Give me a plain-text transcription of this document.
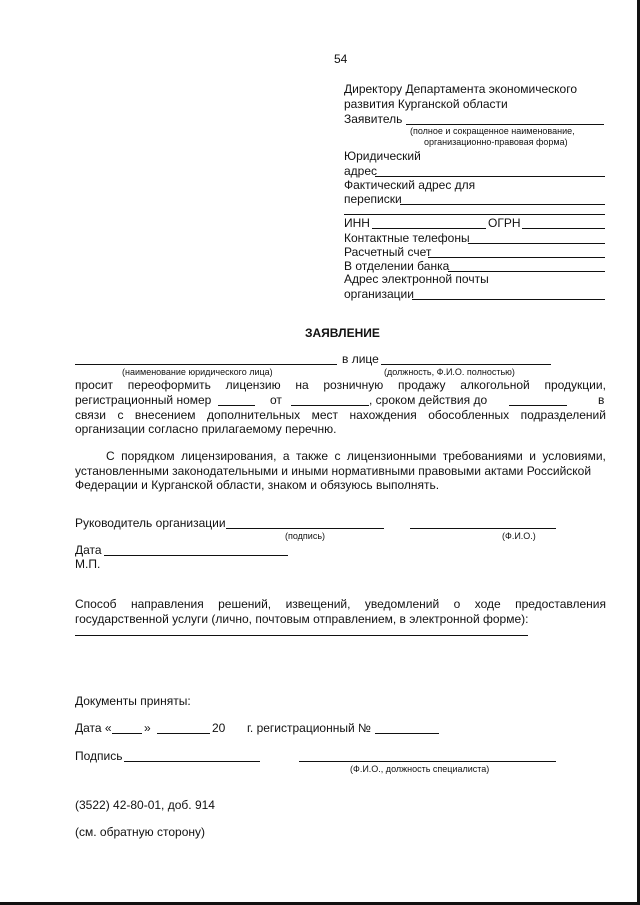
54
Директору Департамента экономического
развития Курганской области
Заявитель
(полное и сокращенное наименование,
организационно-правовая форма)
Юридический
адрес
Фактический адрес для
переписки
ИНН	ОГРН
Контактные телефоны
Расчетный счет
В отделении банка
Адрес электронной почты
организации
ЗАЯВЛЕНИЕ
в лице
(наименование юридического лица)	(должность, Ф.И.О. полностью)
просит переоформить лицензию на розничную продажу алкогольной продукции,
регистрационный номер	от	, сроком действия до	в
связи с внесением дополнительных мест нахождения обособленных подразделений
организации согласно прилагаемому перечню.
С порядком лицензирования, а также с лицензионными требованиями и условиями,
установленными законодательными и иными нормативными правовыми актами Российской
Федерации и Курганской области, знаком и обязуюсь выполнять.
Руководитель организации
(подпись)	(Ф.И.О.)
Дата
М.П.
Способ направления решений, извещений, уведомлений о ходе предоставления
государственной услуги (лично, почтовым отправлением, в электронной форме):
Документы приняты:
Дата «	»	20 г. регистрационный №
Подпись
(Ф.И.О., должность специалиста)
(3522) 42-80-01, доб. 914
(см. обратную сторону)
